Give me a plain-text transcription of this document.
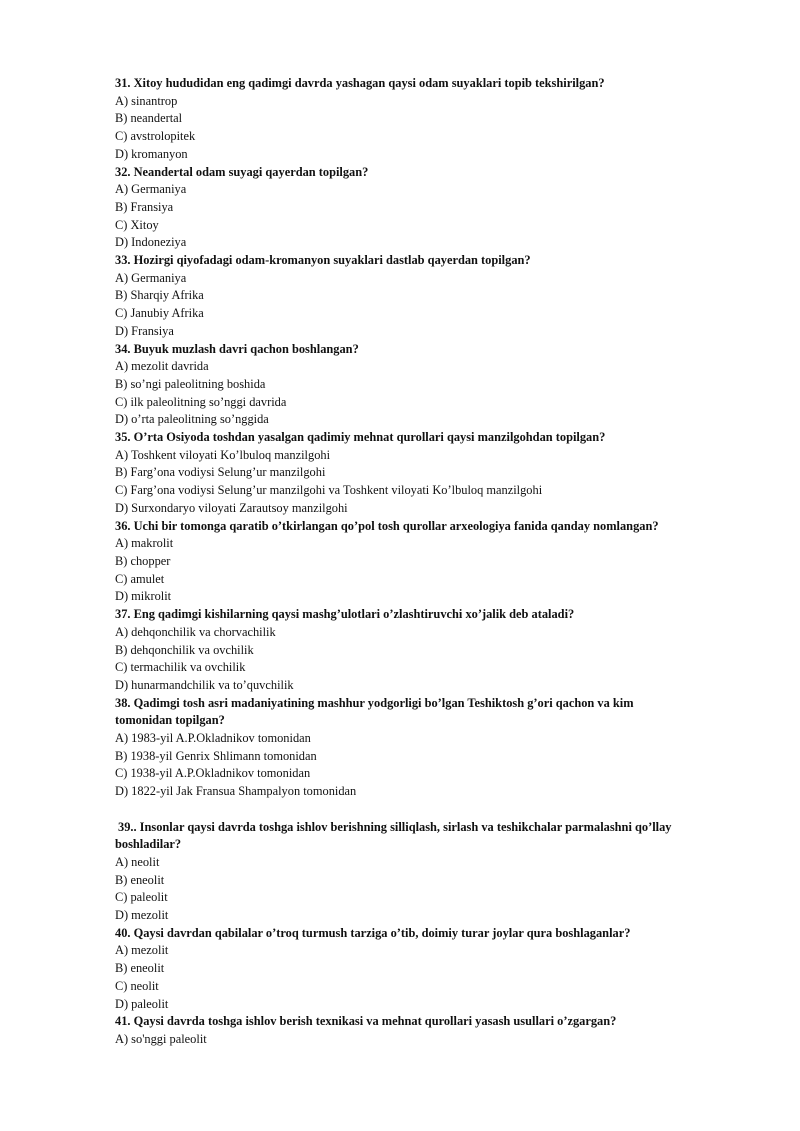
31. Xitoy hududidan eng qadimgi davrda yashagan qaysi odam suyaklari topib tekshirilgan?

A) sinantrop

B) neandertal

C) avstrolopitek

D) kromanyon

32. Neandertal odam suyagi qayerdan topilgan?

A) Germaniya

B) Fransiya

C) Xitoy

D) Indoneziya

33. Hozirgi qiyofadagi odam-kromanyon suyaklari dastlab qayerdan topilgan?

A) Germaniya

B) Sharqiy Afrika

C) Janubiy Afrika

D) Fransiya

34. Buyuk muzlash davri qachon boshlangan?

A) mezolit davrida

B) so’ngi paleolitning boshida

C) ilk paleolitning so’nggi davrida

D) o’rta paleolitning so’nggida

35. O’rta Osiyoda toshdan yasalgan qadimiy mehnat qurollari qaysi manzilgohdan topilgan?

A) Toshkent viloyati Ko’lbuloq manzilgohi

B) Farg’ona vodiysi Selung’ur manzilgohi

C) Farg’ona vodiysi Selung’ur manzilgohi va Toshkent viloyati Ko’lbuloq manzilgohi

D) Surxondaryo viloyati Zarautsoy manzilgohi

36. Uchi bir tomonga qaratib o’tkirlangan qo’pol tosh qurollar arxeologiya fanida qanday nomlangan?

A) makrolit

B) chopper

C) amulet

D) mikrolit

37. Eng qadimgi kishilarning qaysi mashg’ulotlari o’zlashtiruvchi xo’jalik deb ataladi?

A) dehqonchilik va chorvachilik

B) dehqonchilik va ovchilik

C) termachilik va ovchilik

D) hunarmandchilik va to’quvchilik

38. Qadimgi tosh asri madaniyatining mashhur yodgorligi bo’lgan Teshiktosh g’ori qachon va kim

tomonidan topilgan?

A) 1983-yil A.P.Okladnikov tomonidan

B) 1938-yil Genrix Shlimann tomonidan

C) 1938-yil A.P.Okladnikov tomonidan

D) 1822-yil Jak Fransua Shampalyon tomonidan

39.. Insonlar qaysi davrda toshga ishlov berishning silliqlash, sirlash va teshikchalar parmalashni qo’llay

boshladilar?

A) neolit

B) eneolit

C) paleolit

D) mezolit

40. Qaysi davrdan qabilalar o’troq turmush tarziga o’tib, doimiy turar joylar qura boshlaganlar?

A) mezolit

B) eneolit

C) neolit

D) paleolit

41. Qaysi davrda toshga ishlov berish texnikasi va mehnat qurollari yasash usullari o’zgargan?

A) so'nggi paleolit
